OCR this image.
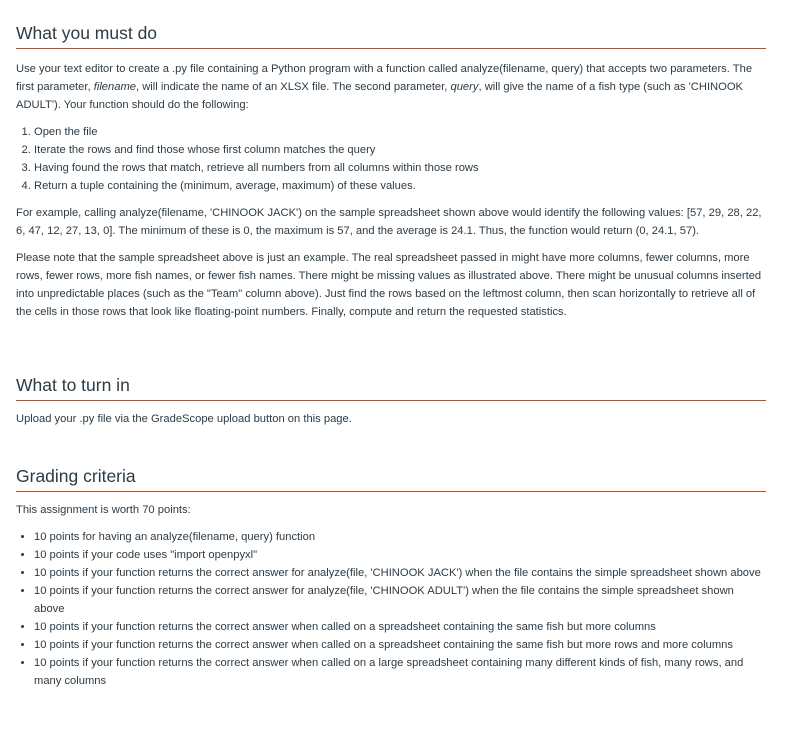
What you must do

Use your text editor to create a .py file containing a Python program with a function called analyze(filename, query) that accepts two parameters. The first parameter, filename, will indicate the name of an XLSX file. The second parameter, query, will give the name of a fish type (such as 'CHINOOK ADULT'). Your function should do the following:

1. Open the file
2. Iterate the rows and find those whose first column matches the query
3. Having found the rows that match, retrieve all numbers from all columns within those rows
4. Return a tuple containing the (minimum, average, maximum) of these values.

For example, calling analyze(filename, 'CHINOOK JACK') on the sample spreadsheet shown above would identify the following values: [57, 29, 28, 22, 6, 47, 12, 27, 13, 0]. The minimum of these is 0, the maximum is 57, and the average is 24.1. Thus, the function would return (0, 24.1, 57).

Please note that the sample spreadsheet above is just an example. The real spreadsheet passed in might have more columns, fewer columns, more rows, fewer rows, more fish names, or fewer fish names. There might be missing values as illustrated above. There might be unusual columns inserted into unpredictable places (such as the "Team" column above). Just find the rows based on the leftmost column, then scan horizontally to retrieve all of the cells in those rows that look like floating-point numbers. Finally, compute and return the requested statistics.

What to turn in

Upload your .py file via the GradeScope upload button on this page.

Grading criteria

This assignment is worth 70 points:

• 10 points for having an analyze(filename, query) function
• 10 points if your code uses "import openpyxl"
• 10 points if your function returns the correct answer for analyze(file, 'CHINOOK JACK') when the file contains the simple spreadsheet shown above
• 10 points if your function returns the correct answer for analyze(file, 'CHINOOK ADULT') when the file contains the simple spreadsheet shown above
• 10 points if your function returns the correct answer when called on a spreadsheet containing the same fish but more columns
• 10 points if your function returns the correct answer when called on a spreadsheet containing the same fish but more rows and more columns
• 10 points if your function returns the correct answer when called on a large spreadsheet containing many different kinds of fish, many rows, and many columns
